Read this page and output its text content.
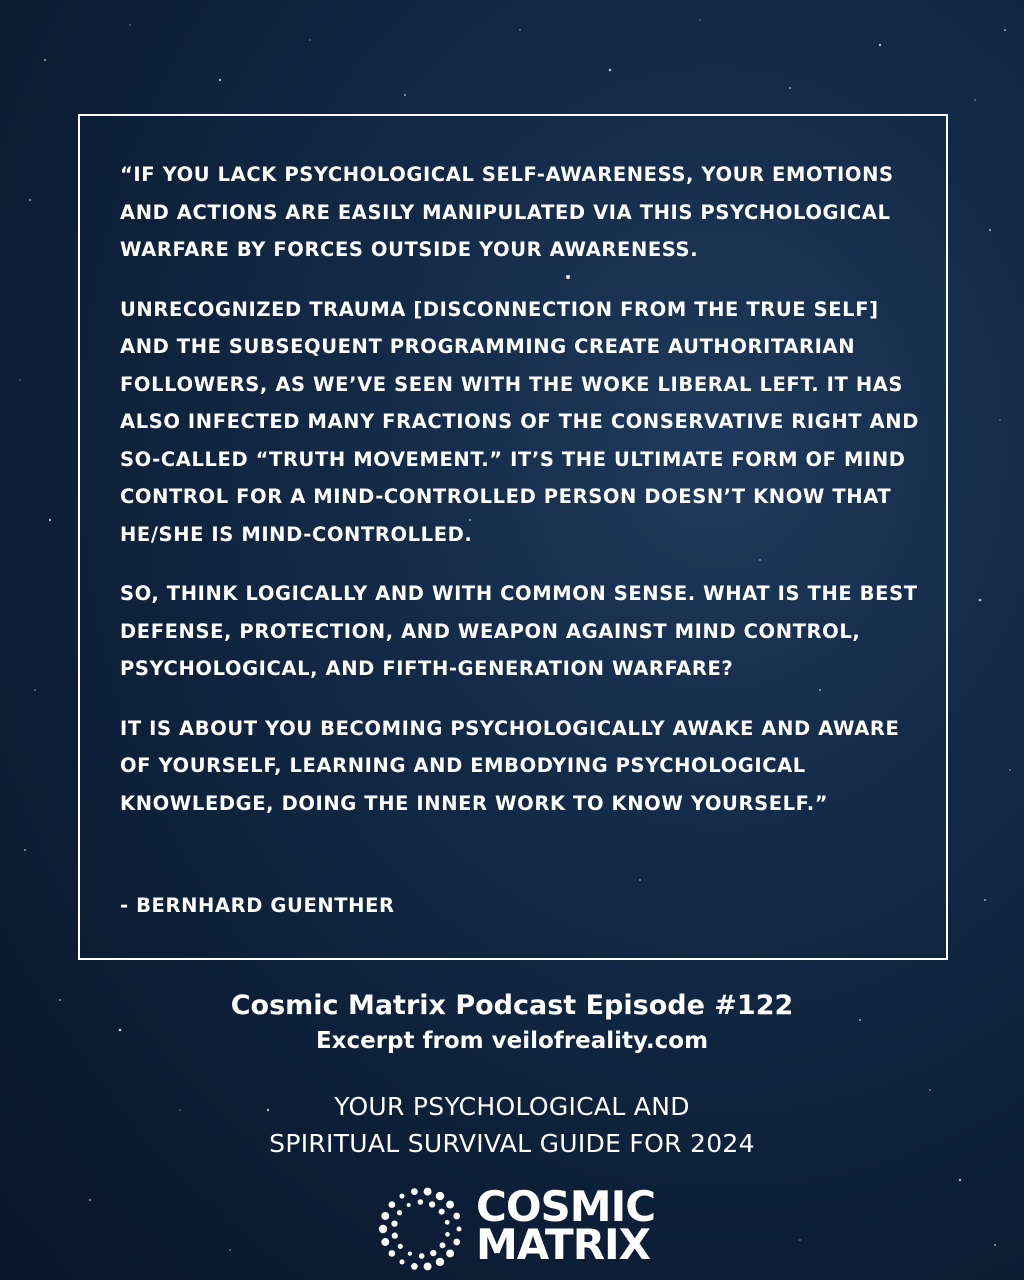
“IF YOU LACK PSYCHOLOGICAL SELF-AWARENESS, YOUR EMOTIONS AND ACTIONS ARE EASILY MANIPULATED VIA THIS PSYCHOLOGICAL WARFARE BY FORCES OUTSIDE YOUR AWARENESS.

UNRECOGNIZED TRAUMA [DISCONNECTION FROM THE TRUE SELF] AND THE SUBSEQUENT PROGRAMMING CREATE AUTHORITARIAN FOLLOWERS, AS WE’VE SEEN WITH THE WOKE LIBERAL LEFT. IT HAS ALSO INFECTED MANY FRACTIONS OF THE CONSERVATIVE RIGHT AND SO-CALLED “TRUTH MOVEMENT.” IT’S THE ULTIMATE FORM OF MIND CONTROL FOR A MIND-CONTROLLED PERSON DOESN’T KNOW THAT HE/SHE IS MIND-CONTROLLED.

SO, THINK LOGICALLY AND WITH COMMON SENSE. WHAT IS THE BEST DEFENSE, PROTECTION, AND WEAPON AGAINST MIND CONTROL, PSYCHOLOGICAL, AND FIFTH-GENERATION WARFARE?

IT IS ABOUT YOU BECOMING PSYCHOLOGICALLY AWAKE AND AWARE OF YOURSELF, LEARNING AND EMBODYING PSYCHOLOGICAL KNOWLEDGE, DOING THE INNER WORK TO KNOW YOURSELF.”

- BERNHARD GUENTHER
Cosmic Matrix Podcast Episode #122
Excerpt from veilofreality.com
YOUR PSYCHOLOGICAL AND
SPIRITUAL SURVIVAL GUIDE FOR 2024
COSMIC
MATRIX
